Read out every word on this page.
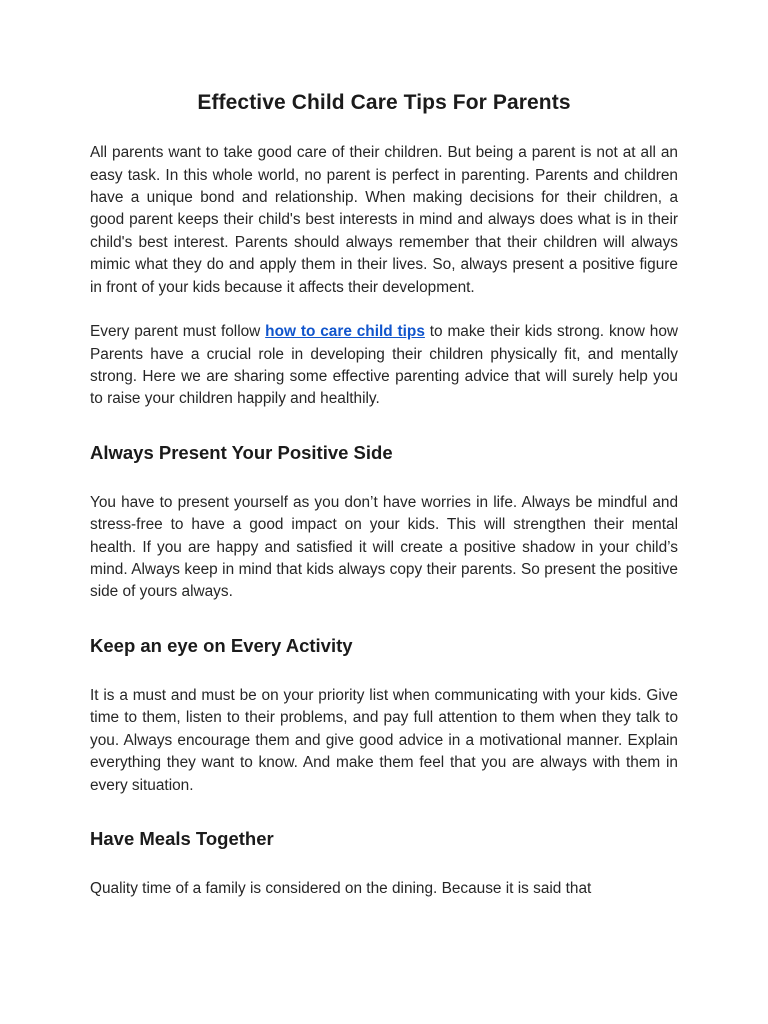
Effective Child Care Tips For Parents

All parents want to take good care of their children. But being a parent is not at all an easy task. In this whole world, no parent is perfect in parenting. Parents and children have a unique bond and relationship. When making decisions for their children, a good parent keeps their child's best interests in mind and always does what is in their child's best interest. Parents should always remember that their children will always mimic what they do and apply them in their lives. So, always present a positive figure in front of your kids because it affects their development.

Every parent must follow how to care child tips to make their kids strong. know how Parents have a crucial role in developing their children physically fit, and mentally strong. Here we are sharing some effective parenting advice that will surely help you to raise your children happily and healthily.

Always Present Your Positive Side

You have to present yourself as you don’t have worries in life. Always be mindful and stress-free to have a good impact on your kids. This will strengthen their mental health. If you are happy and satisfied it will create a positive shadow in your child’s mind. Always keep in mind that kids always copy their parents. So present the positive side of yours always.

Keep an eye on Every Activity

It is a must and must be on your priority list when communicating with your kids. Give time to them, listen to their problems, and pay full attention to them when they talk to you. Always encourage them and give good advice in a motivational manner. Explain everything they want to know. And make them feel that you are always with them in every situation.

Have Meals Together

Quality time of a family is considered on the dining. Because it is said that
